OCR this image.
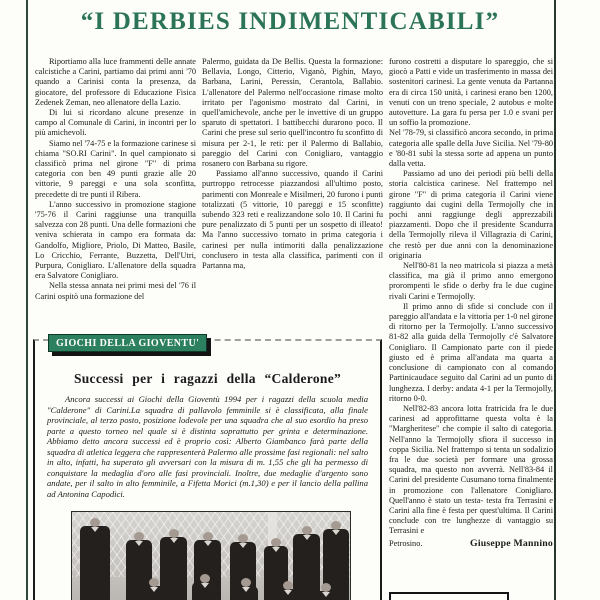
“I DERBIES INDIMENTICABILI”

Riportiamo alla luce frammenti delle annate calcistiche a Carini, partiamo dai primi anni '70 quando a Carinisi conta la presenza, da giocatore, del professore di Educazione Fisica Zedenek Zeman, neo allenatore della Lazio.

Di lui si ricordano alcune presenze in campo al Comunale di Carini, in incontri per lo più amichevoli.

Siamo nel '74-75 e la formazione carinese si chiama "SO.RI Carini". In quel campionato si classificò prima nel girone "F" di prima categoria con ben 49 punti grazie alle 20 vittorie, 9 pareggi e una sola sconfitta, precedette di tre punti il Ribera.

L'anno successivo in promozione stagione '75-76 il Carini raggiunse una tranquilla salvezza con 28 punti. Una delle formazioni che veniva schierata in campo era formata da: Gandolfo, Migliore, Priolo, Di Matteo, Basile, Lo Cricchio, Ferrante, Buzzetta, Dell'Utri, Purpura, Conigliaro. L'allenatore della squadra era Salvatore Conigliaro.

Nella stessa annata nei primi mesi del '76 il Carini ospitò una formazione del

Palermo, guidata da De Bellis. Questa la formazione: Bellavia, Longo, Citterio, Viganò, Pighin, Mayo, Barbana, Larini, Peressin, Cerantola, Ballabio. L'allenatore del Palermo nell'occasione rimase molto irritato per l'agonismo mostrato dal Carini, in quell'amichevole, anche per le invettive di un gruppo sparuto di spettatori. I battibecchi durarono poco. Il Carini che prese sul serio quell'incontro fu sconfitto di misura per 2-1, le reti: per il Palermo di Ballabio, pareggio del Carini con Conigliaro, vantaggio rosanero con Barbana su rigore.

Passiamo all'anno successivo, quando il Carini purtroppo retrocesse piazzandosi all'ultimo posto, parimenti con Monreale e Misilmeri, 20 furono i punti totalizzati (5 vittorie, 10 pareggi e 15 sconfitte) subendo 323 reti e realizzandone solo 10. Il Carini fu pure penalizzato di 5 punti per un sospetto di illeato! Ma l'anno successivo tornato in prima categoria i carinesi per nulla intimoriti dalla penalizzazione conclusero in testa alla classifica, parimenti con il Partanna ma,

furono costretti a disputare lo spareggio, che si giocò a Patti e vide un trasferimento in massa dei sostenitori carinesi. La gente venuta da Partanna era di circa 150 unità, i carinesi erano ben 1200, venuti con un treno speciale, 2 autobus e molte autovetture. La gara fu persa per 1.0 e svani per un soffio la promozione.

Nel '78-79, si classificò ancora secondo, in prima categoria alle spalle della Juve Sicilia. Nel '79-80 e '80-81 subì la stessa sorte ad appena un punto dalla vetta.

Passiamo ad uno dei periodi più belli della storia calcistica carinese. Nel frattempo nel girone "F" di prima categoria il Carini viene raggiunto dai cugini della Termojolly che in pochi anni raggiunge degli apprezzabili piazzamenti. Dopo che il presidente Scandurra della Termojolly rileva il Villagrazia di Carini, che restò per due anni con la denominazione originaria

Nell'80-81 la neo matricola si piazza a metà classifica, ma già il primo anno emergono prorompenti le sfide o derby fra le due cugine rivali Carini e Termojolly.

Il primo anno di sfide si conclude con il pareggio all'andata e la vittoria per 1-0 nel girone di ritorno per la Termojolly. L'anno successivo 81-82 alla guida della Termojolly c'è Salvatore Conigliaro. Il Campionato parte con il piede giusto ed è prima all'andata ma quarta a conclusione di campionato con al comando Partinicaudace seguito dal Carini ad un punto di lunghezza. I derby: andata 4-1 per la Termojolly, ritorno 0-0.

Nell'82-83 ancora lotta fratricida fra le due carinesi ad approfittarne questa volta è la "Margheritese" che compie il salto di categoria. Nell'anno la Termojolly sfiora il successo in coppa Sicilia. Nel frattempo si tenta un sodalizio fra le due società per formare una grossa squadra, ma questo non avverrà. Nell'83-84 il Carini del presidente Cusumano torna finalmente in promozione con l'allenatore Conigliaro. Quell'anno è stato un testa- testa fra Terrasini e Carini alla fine è festa per quest'ultima. Il Carini conclude con tre lunghezze di vantaggio su Terrasini e

Petrosino.	Giuseppe Mannino
GIOCHI DELLA GIOVENTU'
Successi per i ragazzi della “Calderone”

Ancora successi ai Giochi della Gioventù 1994 per i ragazzi della scuola media "Calderone" di Carini.La squadra di pallavolo femminile si è classificata, alla finale provinciale, al terzo posto, posizione lodevole per una squadra che al suo esordio ha preso parte a questo torneo nel quale si è distinta soprattutto per grinta e determinazione. Abbiamo detto ancora successi ed è proprio così: Alberto Giambanco farà parte della squadra di atletica leggera che rappresenterà Palermo alle prossime fasi regionali: nel salto in alto, infatti, ha superato gli avversari con la misura di m. 1,55 che gli ha permesso di conquistare la medaglia d'oro alle fasi provinciali. Inoltre, due medaglie d'argento sono andate, per il salto in alto femminile, a Fifetta Morici (m.1,30) e per il lancio della pallina ad Antonina Capodici.
